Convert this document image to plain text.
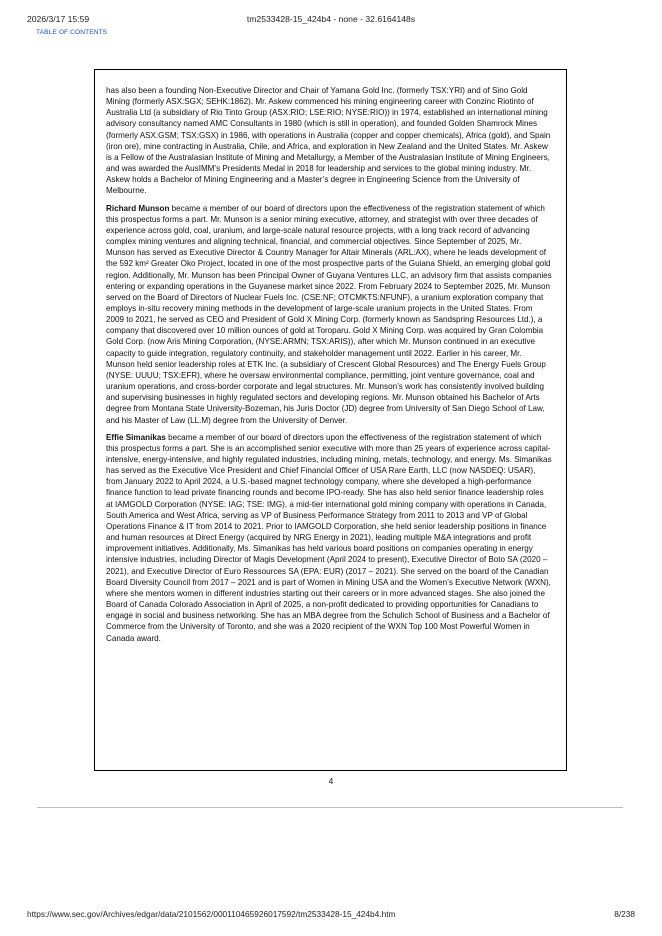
2026/3/17 15:59	tm2533428-15_424b4 - none - 32.6164148s
TABLE OF CONTENTS

has also been a founding Non-Executive Director and Chair of Yamana Gold Inc. (formerly TSX:YRI) and of Sino Gold Mining (formerly ASX:SGX; SEHK:1862). Mr. Askew commenced his mining engineering career with Conzinc Riotinto of Australia Ltd (a subsidiary of Rio Tinto Group (ASX:RIO; LSE:RIO; NYSE:RIO)) in 1974, established an international mining advisory consultancy named AMC Consultants in 1980 (which is still in operation), and founded Golden Shamrock Mines (formerly ASX:GSM; TSX:GSX) in 1986, with operations in Australia (copper and copper chemicals), Africa (gold), and Spain (iron ore), mine contracting in Australia, Chile, and Africa, and exploration in New Zealand and the United States. Mr. Askew is a Fellow of the Australasian Institute of Mining and Metallurgy, a Member of the Australasian Institute of Mining Engineers, and was awarded the AusIMM’s Presidents Medal in 2018 for leadership and services to the global mining industry. Mr. Askew holds a Bachelor of Mining Engineering and a Master’s degree in Engineering Science from the University of Melbourne.

Richard Munson became a member of our board of directors upon the effectiveness of the registration statement of which this prospectus forms a part. Mr. Munson is a senior mining executive, attorney, and strategist with over three decades of experience across gold, coal, uranium, and large-scale natural resource projects, with a long track record of advancing complex mining ventures and aligning technical, financial, and commercial objectives. Since September of 2025, Mr. Munson has served as Executive Director & Country Manager for Altair Minerals (ARL:AX), where he leads development of the 592 km² Greater Oko Project, located in one of the most prospective parts of the Guiana Shield, an emerging global gold region. Additionally, Mr. Munson has been Principal Owner of Guyana Ventures LLC, an advisory firm that assists companies entering or expanding operations in the Guyanese market since 2022. From February 2024 to September 2025, Mr. Munson served on the Board of Directors of Nuclear Fuels Inc. (CSE:NF; OTCMKTS:NFUNF), a uranium exploration company that employs in-situ recovery mining methods in the development of large-scale uranium projects in the United States. From 2009 to 2021, he served as CEO and President of Gold X Mining Corp. (formerly known as Sandspring Resources Ltd.), a company that discovered over 10 million ounces of gold at Toroparu. Gold X Mining Corp. was acquired by Gran Colombia Gold Corp. (now Aris Mining Corporation, (NYSE:ARMN; TSX:ARIS)), after which Mr. Munson continued in an executive capacity to guide integration, regulatory continuity, and stakeholder management until 2022. Earlier in his career, Mr. Munson held senior leadership roles at ETK Inc. (a subsidiary of Crescent Global Resources) and The Energy Fuels Group (NYSE: UUUU; TSX:EFR), where he oversaw environmental compliance, permitting, joint venture governance, coal and uranium operations, and cross-border corporate and legal structures. Mr. Munson’s work has consistently involved building and supervising businesses in highly regulated sectors and developing regions. Mr. Munson obtained his Bachelor of Arts degree from Montana State University-Bozeman, his Juris Doctor (JD) degree from University of San Diego School of Law, and his Master of Law (LL.M) degree from the University of Denver.

Effie Simanikas became a member of our board of directors upon the effectiveness of the registration statement of which this prospectus forms a part. She is an accomplished senior executive with more than 25 years of experience across capital-intensive, energy-intensive, and highly regulated industries, including mining, metals, technology, and energy. Ms. Simanikas has served as the Executive Vice President and Chief Financial Officer of USA Rare Earth, LLC (now NASDEQ: USAR), from January 2022 to April 2024, a U.S.-based magnet technology company, where she developed a high-performance finance function to lead private financing rounds and become IPO-ready. She has also held senior finance leadership roles at IAMGOLD Corporation (NYSE: IAG; TSE: IMG), a mid-tier international gold mining company with operations in Canada, South America and West Africa, serving as VP of Business Performance Strategy from 2011 to 2013 and VP of Global Operations Finance & IT from 2014 to 2021. Prior to IAMGOLD Corporation, she held senior leadership positions in finance and human resources at Direct Energy (acquired by NRG Energy in 2021), leading multiple M&A integrations and profit improvement initiatives. Additionally, Ms. Simanikas has held various board positions on companies operating in energy intensive industries, including Director of Magis Development (April 2024 to present), Executive Director of Boto SA (2020 – 2021), and Executive Director of Euro Ressources SA (EPA: EUR) (2017 – 2021). She served on the board of the Canadian Board Diversity Council from 2017 – 2021 and is part of Women in Mining USA and the Women’s Executive Network (WXN), where she mentors women in different industries starting out their careers or in more advanced stages. She also joined the Board of Canada Colorado Association in April of 2025, a non-profit dedicated to providing opportunities for Canadians to engage in social and business networking. She has an MBA degree from the Schulich School of Business and a Bachelor of Commerce from the University of Toronto, and she was a 2020 recipient of the WXN Top 100 Most Powerful Women in Canada award.

4
https://www.sec.gov/Archives/edgar/data/2101562/000110465926017592/tm2533428-15_424b4.htm	8/238
